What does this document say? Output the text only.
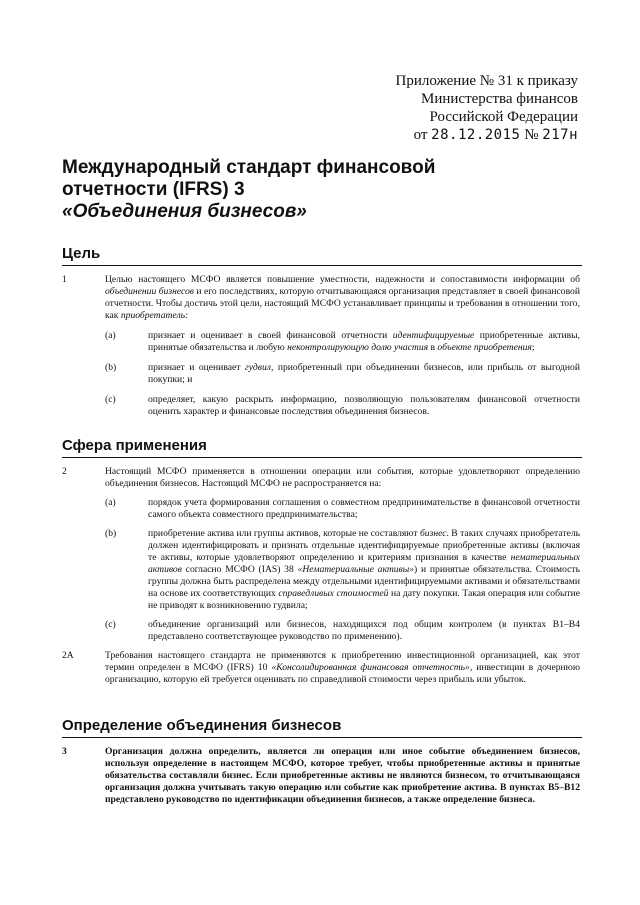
Приложение № 31 к приказу
Министерства финансов
Российской Федерации
от 28.12.2015 № 217н
Международный стандарт финансовой
отчетности (IFRS) 3
«Объединения бизнесов»
Цель
1	Целью настоящего МСФО является повышение уместности, надежности и сопоставимости информации об объединении бизнесов и его последствиях, которую отчитывающаяся организация представляет в своей финансовой отчетности. Чтобы достичь этой цели, настоящий МСФО устанавливает принципы и требования в отношении того, как приобретатель:
(a)	признает и оценивает в своей финансовой отчетности идентифицируемые приобретенные активы, принятые обязательства и любую неконтролирующую долю участия в объекте приобретения;
(b)	признает и оценивает гудвил, приобретенный при объединении бизнесов, или прибыль от выгодной покупки; и
(c)	определяет, какую раскрыть информацию, позволяющую пользователям финансовой отчетности оценить характер и финансовые последствия объединения бизнесов.
Сфера применения
2	Настоящий МСФО применяется в отношении операции или события, которые удовлетворяют определению объединения бизнесов. Настоящий МСФО не распространяется на:
(a)	порядок учета формирования соглашения о совместном предпринимательстве в финансовой отчетности самого объекта совместного предпринимательства;
(b)	приобретение актива или группы активов, которые не составляют бизнес. В таких случаях приобретатель должен идентифицировать и признать отдельные идентифицируемые приобретенные активы (включая те активы, которые удовлетворяют определению и критериям признания в качестве нематериальных активов согласно МСФО (IAS) 38 «Нематериальные активы») и принятые обязательства. Стоимость группы должна быть распределена между отдельными идентифицируемыми активами и обязательствами на основе их соответствующих справедливых стоимостей на дату покупки. Такая операция или событие не приводят к возникновению гудвила;
(c)	объединение организаций или бизнесов, находящихся под общим контролем (в пунктах B1–B4 представлено соответствующее руководство по применению).
2A	Требования настоящего стандарта не применяются к приобретению инвестиционной организацией, как этот термин определен в МСФО (IFRS) 10 «Консолидированная финансовая отчетность», инвестиции в дочернюю организацию, которую ей требуется оценивать по справедливой стоимости через прибыль или убыток.
Определение объединения бизнесов
3	Организация должна определить, является ли операция или иное событие объединением бизнесов, используя определение в настоящем МСФО, которое требует, чтобы приобретенные активы и принятые обязательства составляли бизнес. Если приобретенные активы не являются бизнесом, то отчитывающаяся организация должна учитывать такую операцию или событие как приобретение актива. В пунктах B5–B12 представлено руководство по идентификации объединения бизнесов, а также определение бизнеса.
